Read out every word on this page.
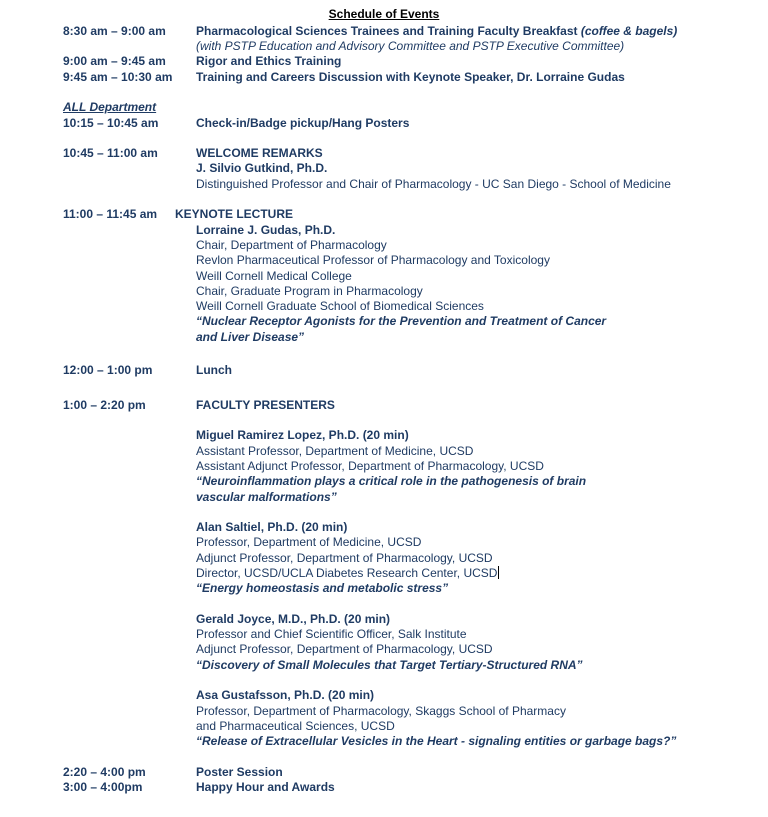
Schedule of Events
8:30 am – 9:00 am	Pharmacological Sciences Trainees and Training Faculty Breakfast (coffee & bagels)
(with PSTP Education and Advisory Committee and PSTP Executive Committee)
9:00 am – 9:45 am	Rigor and Ethics Training
9:45 am – 10:30 am Training and Careers Discussion with Keynote Speaker, Dr. Lorraine Gudas
ALL Department
10:15 – 10:45 am	Check-in/Badge pickup/Hang Posters
10:45 – 11:00 am	WELCOME REMARKS
J. Silvio Gutkind, Ph.D.
Distinguished Professor and Chair of Pharmacology - UC San Diego - School of Medicine
11:00 – 11:45 am KEYNOTE LECTURE
Lorraine J. Gudas, Ph.D.
Chair, Department of Pharmacology
Revlon Pharmaceutical Professor of Pharmacology and Toxicology
Weill Cornell Medical College
Chair, Graduate Program in Pharmacology
Weill Cornell Graduate School of Biomedical Sciences
“Nuclear Receptor Agonists for the Prevention and Treatment of Cancer
and Liver Disease”
12:00 – 1:00 pm	Lunch
1:00 – 2:20 pm	FACULTY PRESENTERS
Miguel Ramirez Lopez, Ph.D. (20 min)
Assistant Professor, Department of Medicine, UCSD
Assistant Adjunct Professor, Department of Pharmacology, UCSD
“Neuroinflammation plays a critical role in the pathogenesis of brain
vascular malformations”
Alan Saltiel, Ph.D. (20 min)
Professor, Department of Medicine, UCSD
Adjunct Professor, Department of Pharmacology, UCSD
Director, UCSD/UCLA Diabetes Research Center, UCSD
“Energy homeostasis and metabolic stress”
Gerald Joyce, M.D., Ph.D. (20 min)
Professor and Chief Scientific Officer, Salk Institute
Adjunct Professor, Department of Pharmacology, UCSD
“Discovery of Small Molecules that Target Tertiary-Structured RNA”
Asa Gustafsson, Ph.D. (20 min)
Professor, Department of Pharmacology, Skaggs School of Pharmacy
and Pharmaceutical Sciences, UCSD
“Release of Extracellular Vesicles in the Heart - signaling entities or garbage bags?”
2:20 – 4:00 pm	Poster Session
3:00 – 4:00pm	Happy Hour and Awards
